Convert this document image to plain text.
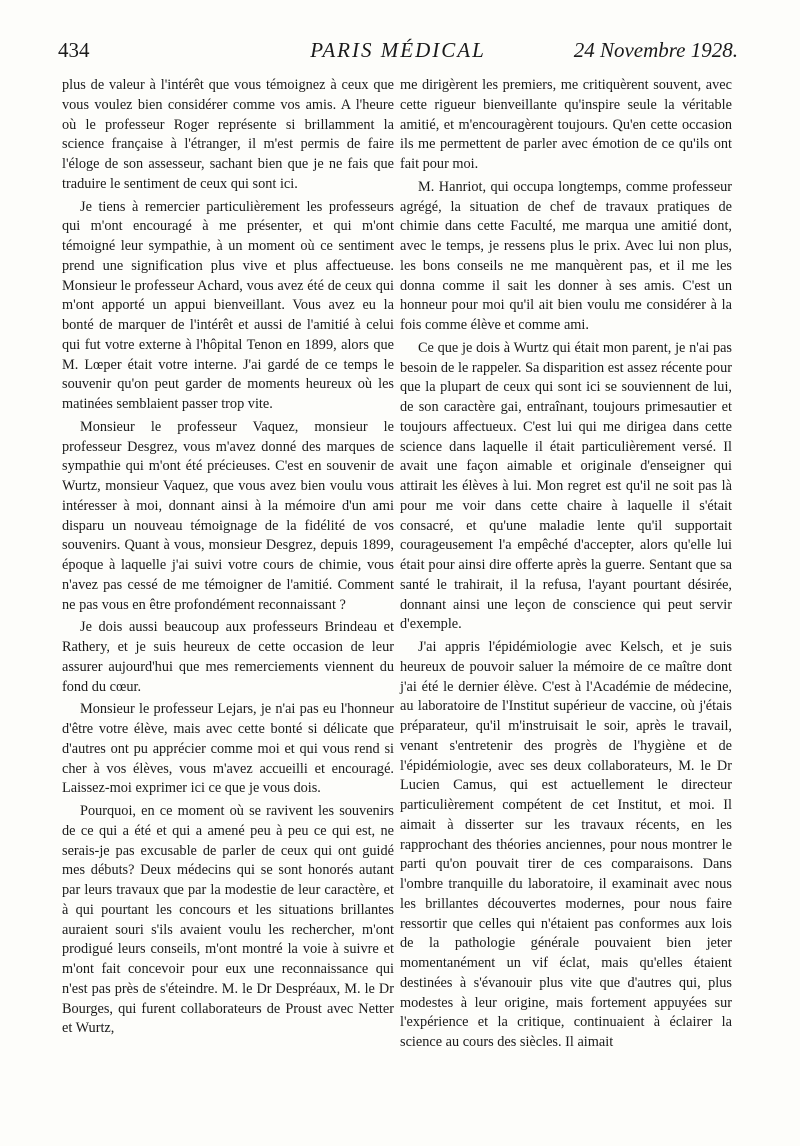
434	PARIS MÉDICAL	24 Novembre 1928.

plus de valeur à l'intérêt que vous témoignez à ceux que vous voulez bien considérer comme vos amis. A l'heure où le professeur Roger représente si brillamment la science française à l'étranger, il m'est permis de faire l'éloge de son assesseur, sachant bien que je ne fais que traduire le sentiment de ceux qui sont ici.

Je tiens à remercier particulièrement les professeurs qui m'ont encouragé à me présenter, et qui m'ont témoigné leur sympathie, à un moment où ce sentiment prend une signification plus vive et plus affectueuse. Monsieur le professeur Achard, vous avez été de ceux qui m'ont apporté un appui bienveillant. Vous avez eu la bonté de marquer de l'intérêt et aussi de l'amitié à celui qui fut votre externe à l'hôpital Tenon en 1899, alors que M. Lœper était votre interne. J'ai gardé de ce temps le souvenir qu'on peut garder de moments heureux où les matinées semblaient passer trop vite.

Monsieur le professeur Vaquez, monsieur le professeur Desgrez, vous m'avez donné des marques de sympathie qui m'ont été précieuses. C'est en souvenir de Wurtz, monsieur Vaquez, que vous avez bien voulu vous intéresser à moi, donnant ainsi à la mémoire d'un ami disparu un nouveau témoignage de la fidélité de vos souvenirs. Quant à vous, monsieur Desgrez, depuis 1899, époque à laquelle j'ai suivi votre cours de chimie, vous n'avez pas cessé de me témoigner de l'amitié. Comment ne pas vous en être profondément reconnaissant ?

Je dois aussi beaucoup aux professeurs Brindeau et Rathery, et je suis heureux de cette occasion de leur assurer aujourd'hui que mes remerciements viennent du fond du cœur.

Monsieur le professeur Lejars, je n'ai pas eu l'honneur d'être votre élève, mais avec cette bonté si délicate que d'autres ont pu apprécier comme moi et qui vous rend si cher à vos élèves, vous m'avez accueilli et encouragé. Laissez-moi exprimer ici ce que je vous dois.

Pourquoi, en ce moment où se ravivent les souvenirs de ce qui a été et qui a amené peu à peu ce qui est, ne serais-je pas excusable de parler de ceux qui ont guidé mes débuts? Deux médecins qui se sont honorés autant par leurs travaux que par la modestie de leur caractère, et à qui pourtant les concours et les situations brillantes auraient souri s'ils avaient voulu les rechercher, m'ont prodigué leurs conseils, m'ont montré la voie à suivre et m'ont fait concevoir pour eux une reconnaissance qui n'est pas près de s'éteindre. M. le Dr Despréaux, M. le Dr Bourges, qui furent collaborateurs de Proust avec Netter et Wurtz,

me dirigèrent les premiers, me critiquèrent souvent, avec cette rigueur bienveillante qu'inspire seule la véritable amitié, et m'encouragèrent toujours. Qu'en cette occasion ils me permettent de parler avec émotion de ce qu'ils ont fait pour moi.

M. Hanriot, qui occupa longtemps, comme professeur agrégé, la situation de chef de travaux pratiques de chimie dans cette Faculté, me marqua une amitié dont, avec le temps, je ressens plus le prix. Avec lui non plus, les bons conseils ne me manquèrent pas, et il me les donna comme il sait les donner à ses amis. C'est un honneur pour moi qu'il ait bien voulu me considérer à la fois comme élève et comme ami.

Ce que je dois à Wurtz qui était mon parent, je n'ai pas besoin de le rappeler. Sa disparition est assez récente pour que la plupart de ceux qui sont ici se souviennent de lui, de son caractère gai, entraînant, toujours primesautier et toujours affectueux. C'est lui qui me dirigea dans cette science dans laquelle il était particulièrement versé. Il avait une façon aimable et originale d'enseigner qui attirait les élèves à lui. Mon regret est qu'il ne soit pas là pour me voir dans cette chaire à laquelle il s'était consacré, et qu'une maladie lente qu'il supportait courageusement l'a empêché d'accepter, alors qu'elle lui était pour ainsi dire offerte après la guerre. Sentant que sa santé le trahirait, il la refusa, l'ayant pourtant désirée, donnant ainsi une leçon de conscience qui peut servir d'exemple.

J'ai appris l'épidémiologie avec Kelsch, et je suis heureux de pouvoir saluer la mémoire de ce maître dont j'ai été le dernier élève. C'est à l'Académie de médecine, au laboratoire de l'Institut supérieur de vaccine, où j'étais préparateur, qu'il m'instruisait le soir, après le travail, venant s'entretenir des progrès de l'hygiène et de l'épidémiologie, avec ses deux collaborateurs, M. le Dr Lucien Camus, qui est actuellement le directeur particulièrement compétent de cet Institut, et moi. Il aimait à disserter sur les travaux récents, en les rapprochant des théories anciennes, pour nous montrer le parti qu'on pouvait tirer de ces comparaisons. Dans l'ombre tranquille du laboratoire, il examinait avec nous les brillantes découvertes modernes, pour nous faire ressortir que celles qui n'étaient pas conformes aux lois de la pathologie générale pouvaient bien jeter momentanément un vif éclat, mais qu'elles étaient destinées à s'évanouir plus vite que d'autres qui, plus modestes à leur origine, mais fortement appuyées sur l'expérience et la critique, continuaient à éclairer la science au cours des siècles. Il aimait
